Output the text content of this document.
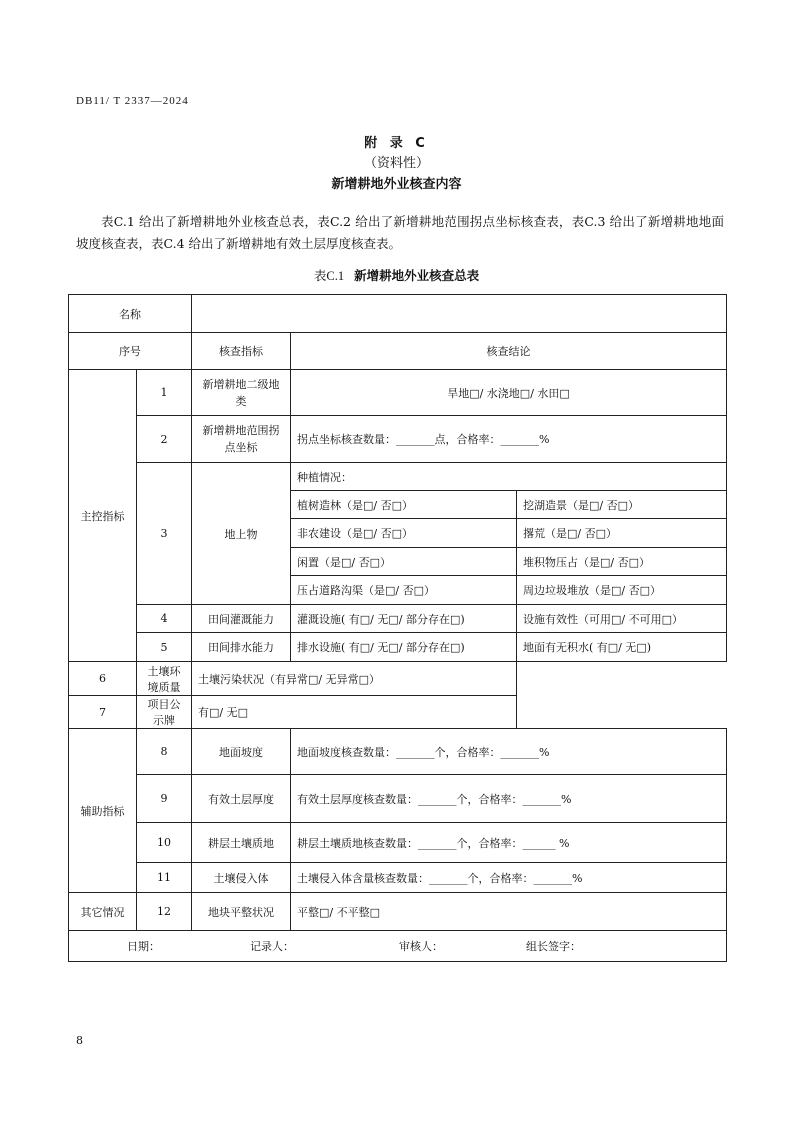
DB11/ T 2337—2024
附 录 C
（资料性）
新增耕地外业核查内容

表C.1 给出了新增耕地外业核查总表，表C.2 给出了新增耕地范围拐点坐标核查表，表C.3 给出了新增耕地地面坡度核查表，表C.4 给出了新增耕地有效土层厚度核查表。

表C.1 新增耕地外业核查总表
名称				
序号		核查指标	核查结论	
主控指标	1	新增耕地二级地类	旱地□/ 水浇地□/ 水田□	
	2	新增耕地范围拐点坐标	拐点坐标核查数量：_______点，合格率：_______%	
	3	地上物	种植情况：	
			植树造林（是□/ 否□）	挖湖造景（是□/ 否□）
			非农建设（是□/ 否□）	撂荒（是□/ 否□）
			闲置（是□/ 否□）	堆积物压占（是□/ 否□）
			压占道路沟渠（是□/ 否□）	周边垃圾堆放（是□/ 否□）
	4	田间灌溉能力	灌溉设施( 有□/ 无□/ 部分存在□)	设施有效性（可用□/ 不可用□）
	5	田间排水能力	排水设施( 有□/ 无□/ 部分存在□)	地面有无积水( 有□/ 无□)
6	土壤环境质量	土壤污染状况（有异常□/ 无异常□）		
7	项目公示牌	有□/ 无□		
辅助指标	8	地面坡度	地面坡度核查数量：_______个，合格率：_______%	
	9	有效土层厚度	有效土层厚度核查数量：_______个，合格率：_______%	
	10	耕层土壤质地	耕层土壤质地核查数量：_______个，合格率：______ %	
	11	土壤侵入体	土壤侵入体含量核查数量：_______个，合格率：_______%	
其它情况	12	地块平整状况	平整□/ 不平整□	

日期： 记录人： 审核人： 组长签字：				
8
